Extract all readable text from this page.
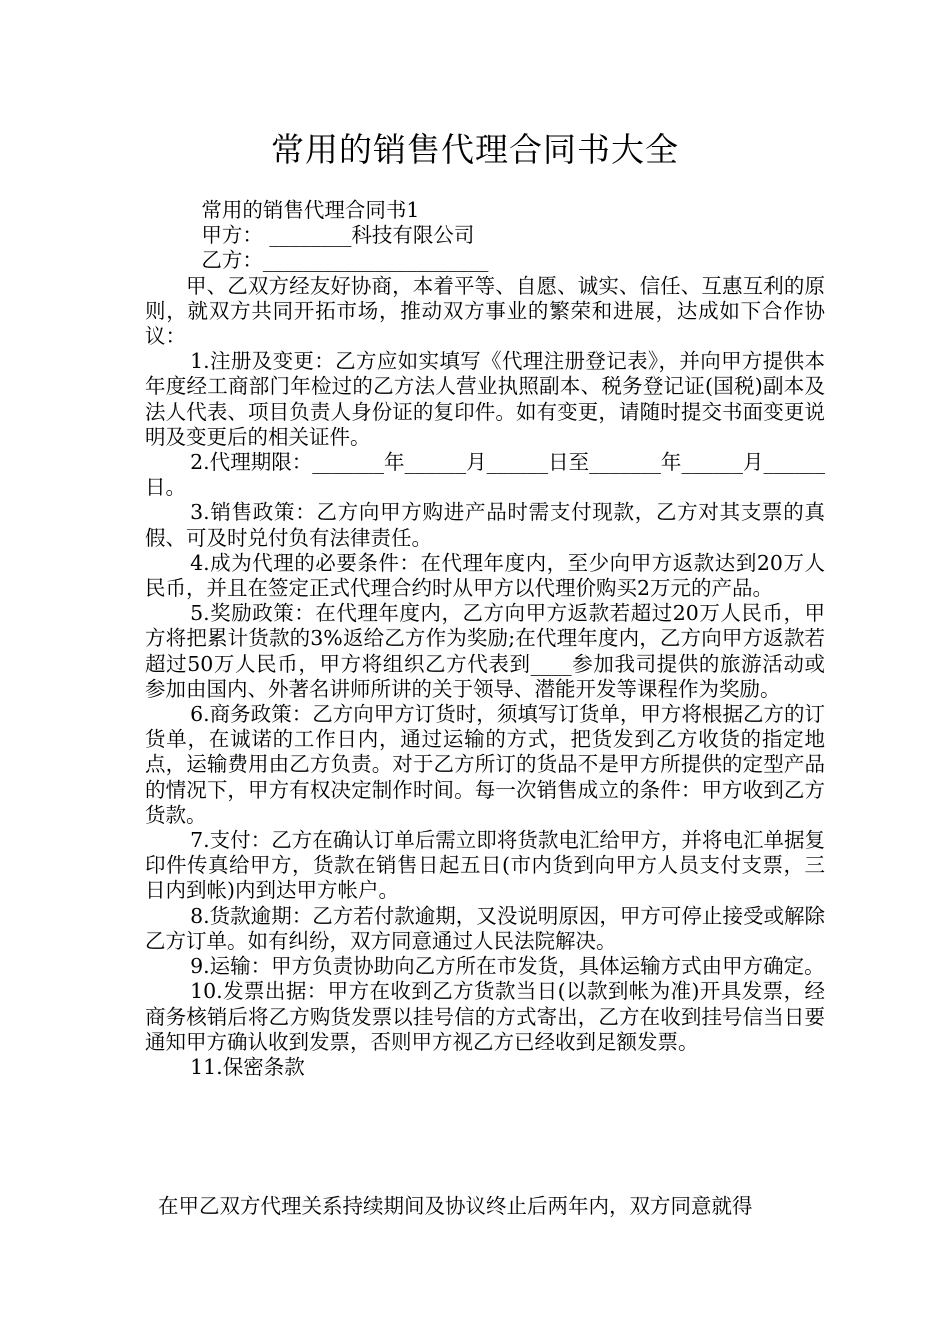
常用的销售代理合同书大全
常用的销售代理合同书1
甲方： ________科技有限公司
乙方：______________________
甲、乙双方经友好协商，本着平等、自愿、诚实、信任、互惠互利的原则，就双方共同开拓市场，推动双方事业的繁荣和进展，达成如下合作协议：
1.注册及变更：乙方应如实填写《代理注册登记表》，并向甲方提供本年度经工商部门年检过的乙方法人营业执照副本、税务登记证(国税)副本及法人代表、项目负责人身份证的复印件。如有变更，请随时提交书面变更说明及变更后的相关证件。
2.代理期限：_______年______月______日至_______年______月______日。
3.销售政策：乙方向甲方购进产品时需支付现款，乙方对其支票的真假、可及时兑付负有法律责任。
4.成为代理的必要条件：在代理年度内，至少向甲方返款达到20万人民币，并且在签定正式代理合约时从甲方以代理价购买2万元的产品。
5.奖励政策：在代理年度内，乙方向甲方返款若超过20万人民币，甲方将把累计货款的3%返给乙方作为奖励;在代理年度内，乙方向甲方返款若超过50万人民币，甲方将组织乙方代表到____参加我司提供的旅游活动或参加由国内、外著名讲师所讲的关于领导、潜能开发等课程作为奖励。
6.商务政策：乙方向甲方订货时，须填写订货单，甲方将根据乙方的订货单，在诚诺的工作日内，通过运输的方式，把货发到乙方收货的指定地点，运输费用由乙方负责。对于乙方所订的货品不是甲方所提供的定型产品的情况下，甲方有权决定制作时间。每一次销售成立的条件：甲方收到乙方货款。
7.支付：乙方在确认订单后需立即将货款电汇给甲方，并将电汇单据复印件传真给甲方，货款在销售日起五日(市内货到向甲方人员支付支票，三日内到帐)内到达甲方帐户。
8.货款逾期：乙方若付款逾期，又没说明原因，甲方可停止接受或解除乙方订单。如有纠纷，双方同意通过人民法院解决。
9.运输：甲方负责协助向乙方所在市发货，具体运输方式由甲方确定。
10.发票出据：甲方在收到乙方货款当日(以款到帐为准)开具发票，经商务核销后将乙方购货发票以挂号信的方式寄出，乙方在收到挂号信当日要通知甲方确认收到发票，否则甲方视乙方已经收到足额发票。
11.保密条款
在甲乙双方代理关系持续期间及协议终止后两年内，双方同意就得
